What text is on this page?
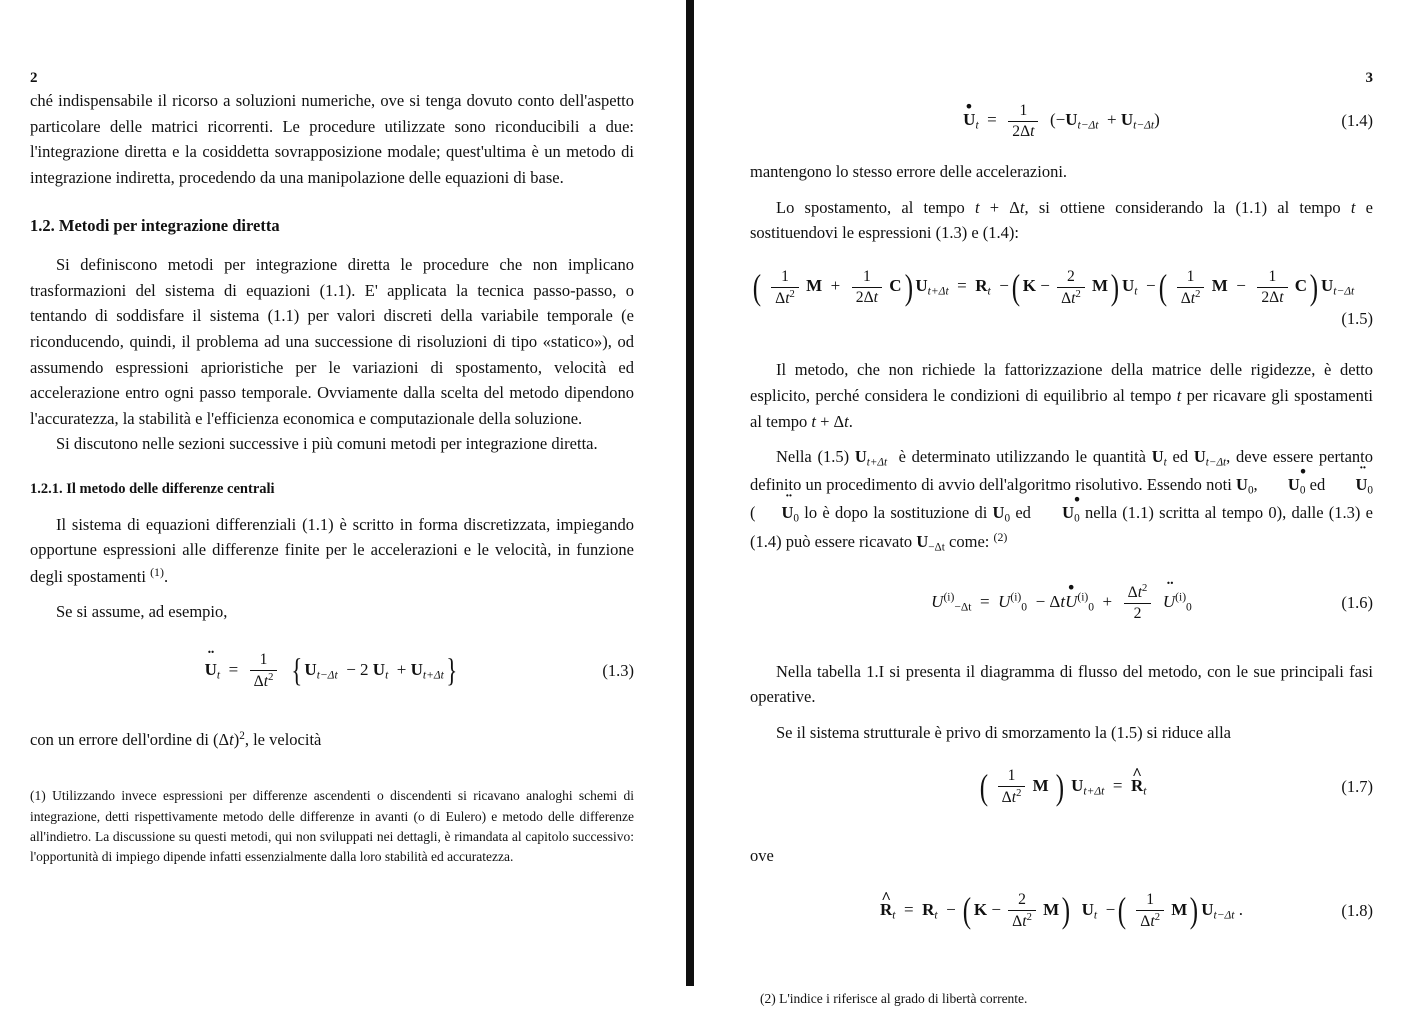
2

ché indispensabile il ricorso a soluzioni numeriche, ove si tenga dovuto conto dell'aspetto particolare delle matrici ricorrenti. Le procedure utilizzate sono riconducibili a due: l'integrazione diretta e la cosiddetta sovrapposizione modale; quest'ultima è un metodo di integrazione indiretta, procedendo da una manipolazione delle equazioni di base.

1.2. Metodi per integrazione diretta

Si definiscono metodi per integrazione diretta le procedure che non implicano trasformazioni del sistema di equazioni (1.1). E' applicata la tecnica passo-passo, o tentando di soddisfare il sistema (1.1) per valori discreti della variabile temporale (e riconducendo, quindi, il problema ad una successione di risoluzioni di tipo «statico»), od assumendo espressioni aprioristiche per le variazioni di spostamento, velocità ed accelerazione entro ogni passo temporale. Ovviamente dalla scelta del metodo dipendono l'accuratezza, la stabilità e l'efficienza economica e computazionale della soluzione.

Si discutono nelle sezioni successive i più comuni metodi per integrazione diretta.

1.2.1. Il metodo delle differenze centrali

Il sistema di equazioni differenziali (1.1) è scritto in forma discretizzata, impiegando opportune espressioni alle differenze finite per le accelerazioni e le velocità, in funzione degli spostamenti $^{(1)}$.

Se si assume, ad esempio,

U $¨_t = \frac{1}{\Delta t^2}$ { $U_{t-\Delta t} - 2$ $U_t + U_{t+\Delta t}$}	(1.3)

con un errore dell'ordine di $(\Delta t)^2$, le velocità

(1) Utilizzando invece espressioni per differenze ascendenti o discendenti si ricavano analoghi schemi di integrazione, detti rispettivamente metodo delle differenze in avanti (o di Eulero) e metodo delle differenze all'indietro. La discussione su questi metodi, qui non sviluppati nei dettagli, è rimandata al capitolo successivo: l'opportunità di impiego dipende infatti essenzialmente dalla loro stabilità ed accuratezza.
3
$U \cdot_t = \frac{1}{2\Delta t} (-U_{t-\Delta t} + U_{t-\Delta t})$	(1.4)

mantengono lo stesso errore delle accelerazioni.

Lo spostamento, al tempo t + Δt, si ottiene considerando la (1.1) al tempo t e sostituendovi le espressioni (1.3) e (1.4):

( $\frac{1}{\Delta t^2}$ $M + \frac{1}{2\Delta t} C$) $U_{t+\Delta t} = R_t$  −( $K - \frac{2}{\Delta t^2} M$) $U_t$  −( $\frac{1}{\Delta t^2}$ $M - \frac{1}{2\Delta t} C$) $U_{t-\Delta t}$
(1.5)

Il metodo, che non richiede la fattorizzazione della matrice delle rigidezze, è detto esplicito, perché considera le condizioni di equilibrio al tempo t per ricavare gli spostamenti al tempo t + Δt.

Nella (1.5) $U_{t+\Delta t}$  è determinato utilizzando le quantità $U_t$ ed $U_{t-\Delta t}$, deve essere pertanto definito un procedimento di avvio dell'algoritmo risolutivo. Essendo noti $U_0$, $U \cdot_0$ ed U $¨_0$ ( U $¨_0$ lo è dopo la sostituzione di $U_0$ ed $U \cdot_0$ nella (1.1) scritta al tempo 0), dalle (1.3) e (1.4) può essere ricavato $U_{-\Delta t}$ come: $^{(2)}$

$U^{(i)}_{-\Delta t} = U^{(i)}_0 - \Delta tU \cdot^{(i)}_0 + \frac{\Delta t^2}{2}$ U ¨$^{(i)}_0$	(1.6)

Nella tabella 1.I si presenta il diagramma di flusso del metodo, con le sue principali fasi operative.

Se il sistema strutturale è privo di smorzamento la (1.5) si riduce alla

( $\frac{1}{\Delta t^2}$ M ) $U_{t+\Delta t} = R$ $\^{}_t$	(1.7)

ove

R $\^{}_t = R_t$  − ( $K - \frac{2}{\Delta t^2} M$) $U_t$  −( $\frac{1}{\Delta t^2} M$) $U_{t-\Delta t}$ .	(1.8)
(2) L'indice i riferisce al grado di libertà corrente.
